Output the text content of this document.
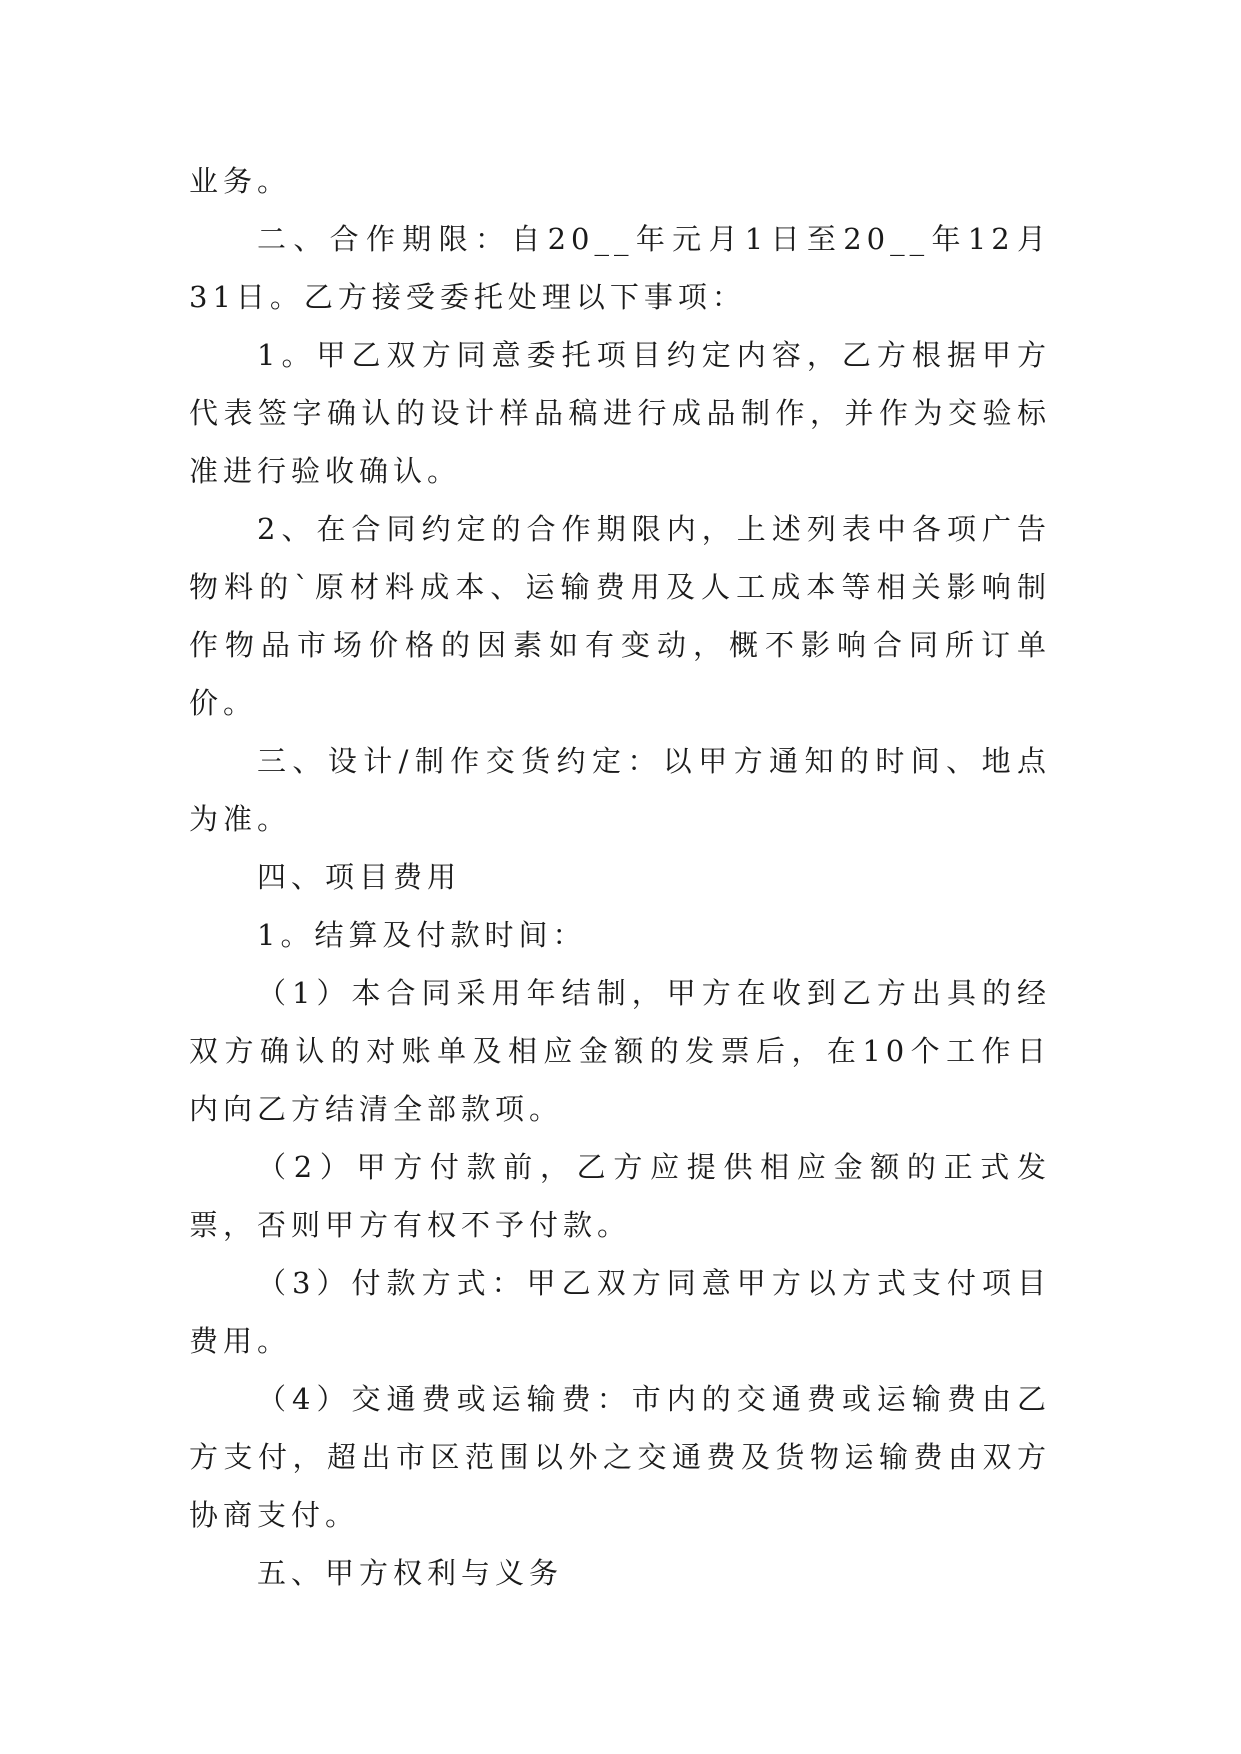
业务。

二、合作期限：自20__年元月1日至20__年12月31日。乙方接受委托处理以下事项：

1。甲乙双方同意委托项目约定内容，乙方根据甲方代表签字确认的设计样品稿进行成品制作，并作为交验标准进行验收确认。

2、在合同约定的合作期限内，上述列表中各项广告物料的`原材料成本、运输费用及人工成本等相关影响制作物品市场价格的因素如有变动，概不影响合同所订单价。

三、设计/制作交货约定：以甲方通知的时间、地点为准。

四、项目费用

1。结算及付款时间：

（1）本合同采用年结制，甲方在收到乙方出具的经双方确认的对账单及相应金额的发票后，在10个工作日内向乙方结清全部款项。

（2）甲方付款前，乙方应提供相应金额的正式发票，否则甲方有权不予付款。

（3）付款方式：甲乙双方同意甲方以方式支付项目费用。

（4）交通费或运输费：市内的交通费或运输费由乙方支付，超出市区范围以外之交通费及货物运输费由双方协商支付。

五、甲方权利与义务
